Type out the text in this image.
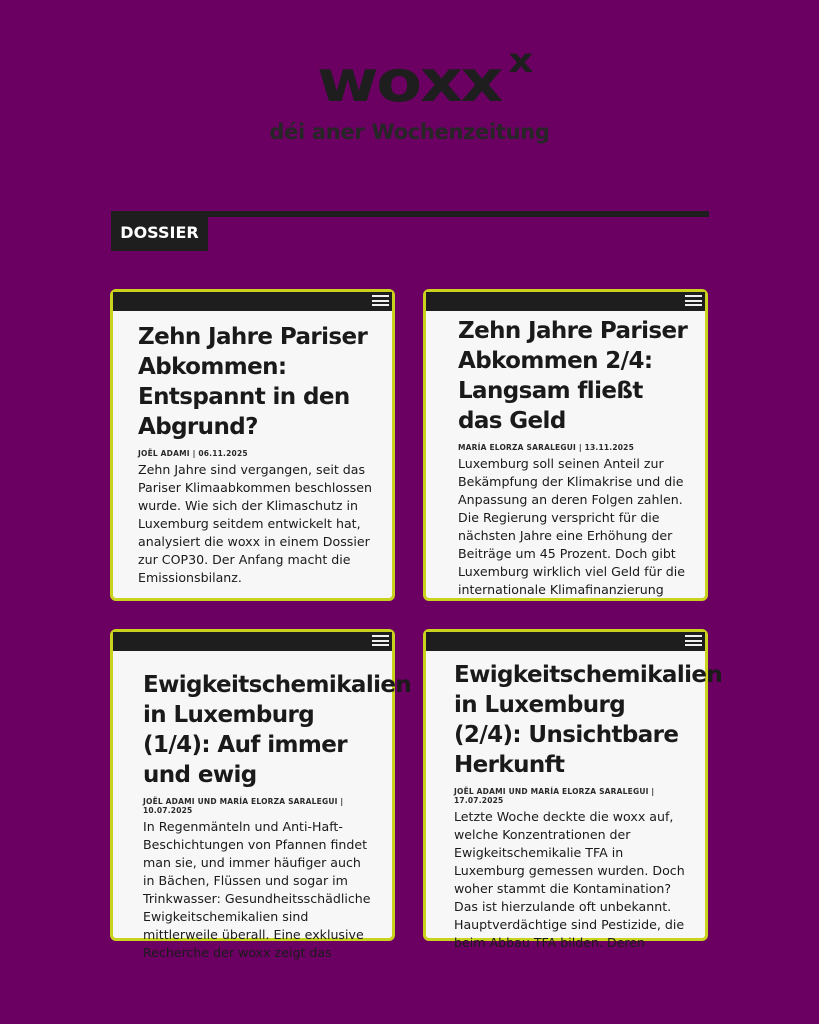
woxx x
déi aner Wochenzeitung
DOSSIER
Zehn Jahre Pariser Abkommen: Entspannt in den Abgrund?
JOËL ADAMI | 06.11.2025

Zehn Jahre sind vergangen, seit das Pariser Klimaabkommen beschlossen wurde. Wie sich der Klimaschutz in Luxemburg seitdem entwickelt hat, analysiert die woxx in einem Dossier zur COP30. Der Anfang macht die Emissionsbilanz.

Zehn Jahre Pariser Abkommen 2/4: Langsam fließt das Geld
MARÍA ELORZA SARALEGUI | 13.11.2025

Luxemburg soll seinen Anteil zur Bekämpfung der Klimakrise und die Anpassung an deren Folgen zahlen. Die Regierung verspricht für die nächsten Jahre eine Erhöhung der Beiträge um 45 Prozent. Doch gibt Luxemburg wirklich viel Geld für die internationale Klimafinanzierung

Ewigkeitschemikalien in Luxemburg (1/4): Auf immer und ewig
JOËL ADAMI UND MARÍA ELORZA SARALEGUI | 10.07.2025

In Regenmänteln und Anti-Haft-Beschichtungen von Pfannen findet man sie, und immer häufiger auch in Bächen, Flüssen und sogar im Trinkwasser: Gesundheitsschädliche Ewigkeitschemikalien sind mittlerweile überall. Eine exklusive Recherche der woxx zeigt das

Ewigkeitschemikalien in Luxemburg (2/4): Unsichtbare Herkunft
JOËL ADAMI UND MARÍA ELORZA SARALEGUI | 17.07.2025

Letzte Woche deckte die woxx auf, welche Konzentrationen der Ewigkeitschemikalie TFA in Luxemburg gemessen wurden. Doch woher stammt die Kontamination? Das ist hierzulande oft unbekannt. Hauptverdächtige sind Pestizide, die beim Abbau TFA bilden. Deren
